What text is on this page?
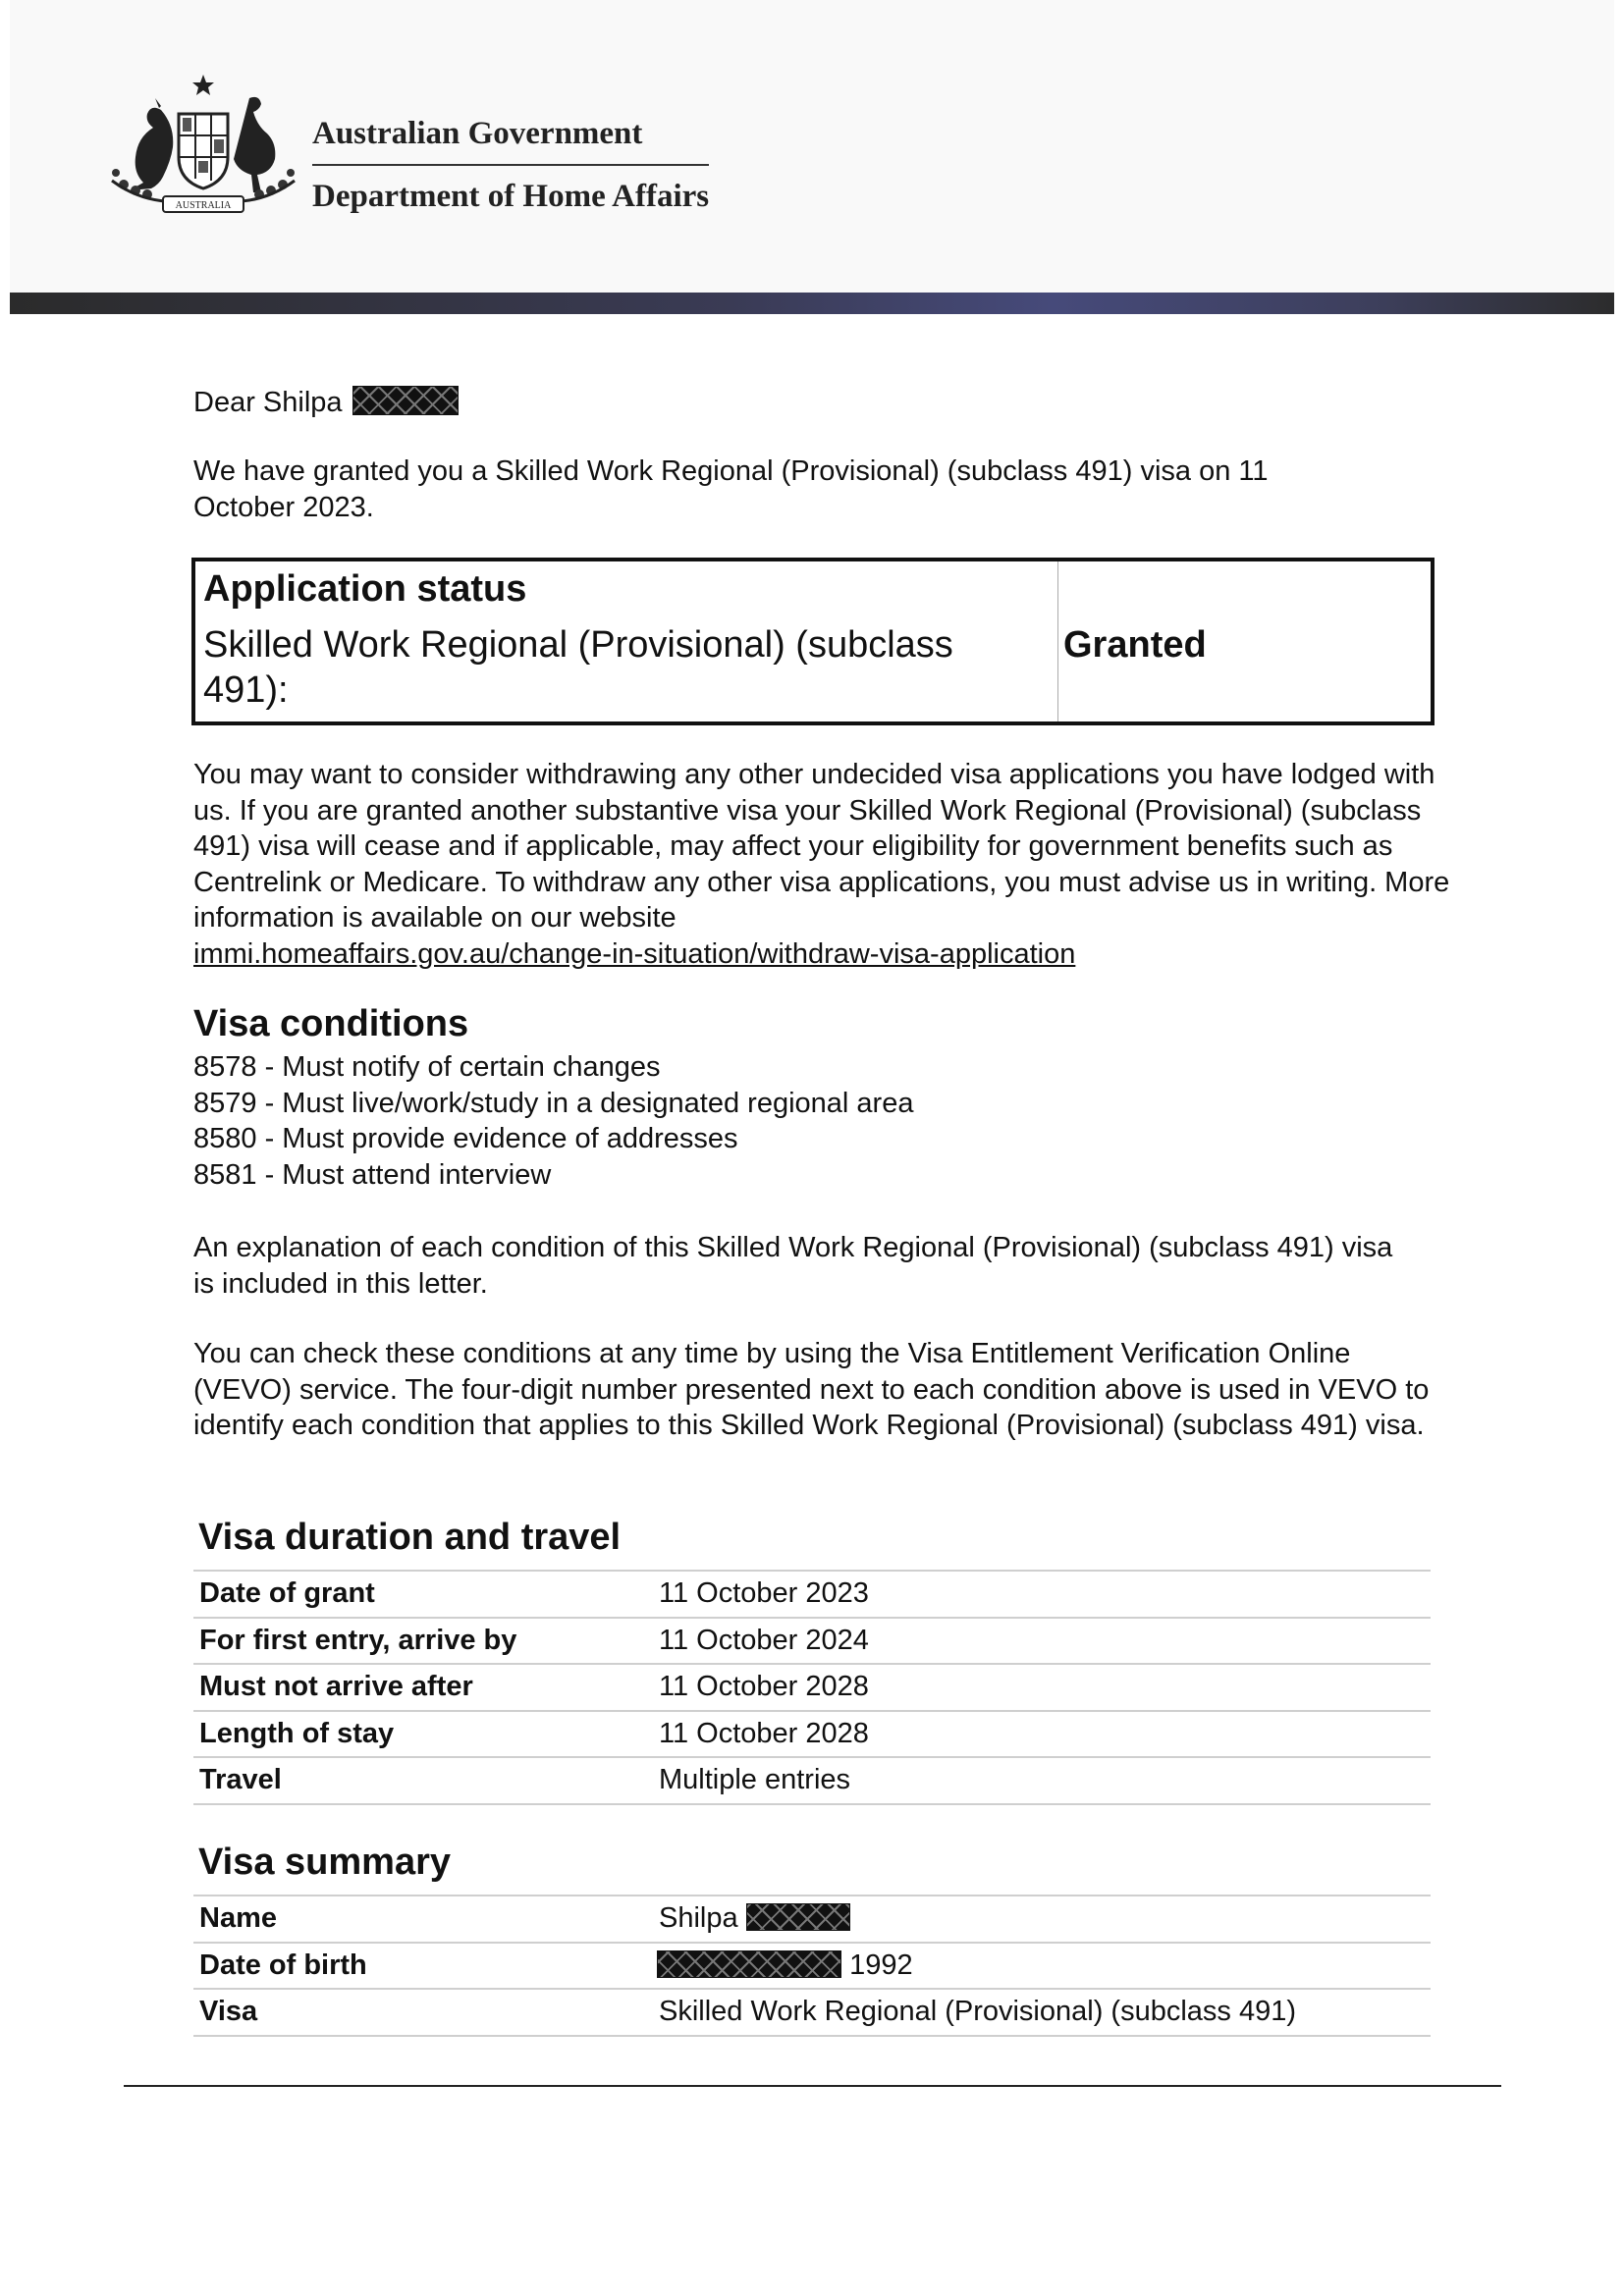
AUSTRALIA
Australian Government
Department of Home Affairs
Dear Shilpa
We have granted you a Skilled Work Regional (Provisional) (subclass 491) visa on 11 October 2023.
Application status
Skilled Work Regional (Provisional) (subclass 491):
Granted
You may want to consider withdrawing any other undecided visa applications you have lodged with us. If you are granted another substantive visa your Skilled Work Regional (Provisional) (subclass 491) visa will cease and if applicable, may affect your eligibility for government benefits such as Centrelink or Medicare. To withdraw any other visa applications, you must advise us in writing. More information is available on our website
immi.homeaffairs.gov.au/change-in-situation/withdraw-visa-application
Visa conditions
8578 - Must notify of certain changes
8579 - Must live/work/study in a designated regional area
8580 - Must provide evidence of addresses
8581 - Must attend interview
An explanation of each condition of this Skilled Work Regional (Provisional) (subclass 491) visa is included in this letter.
You can check these conditions at any time by using the Visa Entitlement Verification Online (VEVO) service. The four-digit number presented next to each condition above is used in VEVO to identify each condition that applies to this Skilled Work Regional (Provisional) (subclass 491) visa.
Visa duration and travel
Date of grant	11 October 2023
For first entry, arrive by	11 October 2024
Must not arrive after	11 October 2028
Length of stay	11 October 2028
Travel	Multiple entries
Visa summary
Name	Shilpa
Date of birth	1992
Visa	Skilled Work Regional (Provisional) (subclass 491)
